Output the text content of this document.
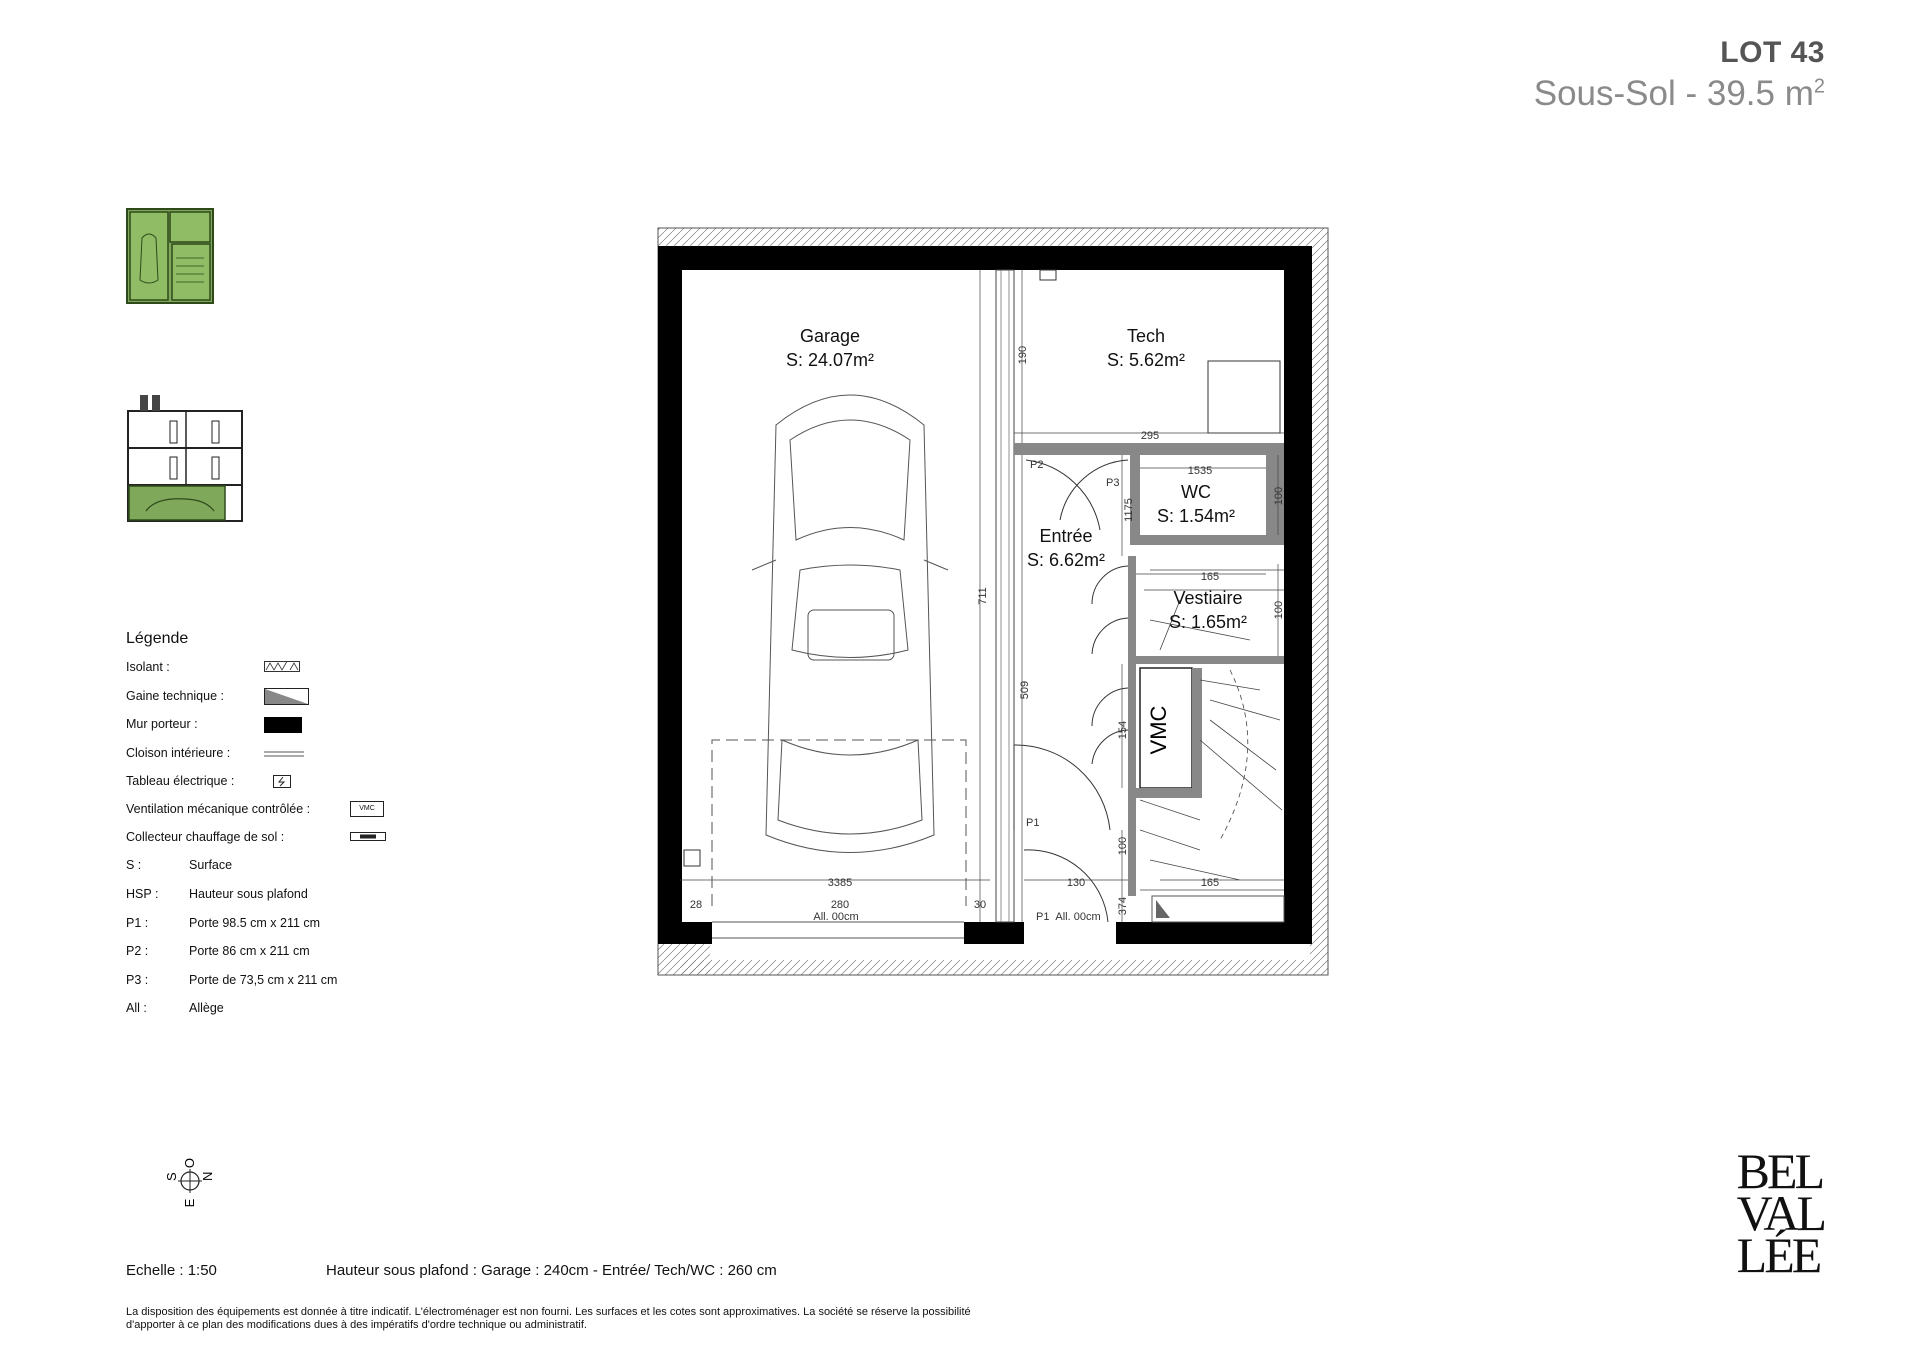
LOT 43
Sous-Sol - 39.5 $m^2$
Légende
Isolant :
Gaine technique :
Mur porteur :
Cloison intérieure :
Tableau électrique :
Ventilation mécanique contrôlée :	VMC
Collecteur chauffage de sol :
S :	Surface
HSP : Hauteur sous plafond
P1 :	Porte 98.5 cm x 211 cm
P2 :	Porte 86 cm x 211 cm
P3 :	Porte de 73,5 cm x 211 cm
All :	Allège
S
O
E
N
VMC
Garage
S: 24.07m²
Tech
S: 5.62m²
WC
S: 1.54m²
Entrée
S: 6.62m²
Vestiaire
S: 1.65m²
P2
P3
P1
P1
295
1535
1175
100
190
711
509
165
100
154
100
165
3385
280
All. 00cm
28	30
130
374
All. 00cm
BEL
VAL
LÉE
Echelle : 1:50	Hauteur sous plafond : Garage : 240cm - Entrée/ Tech/WC : 260 cm
La disposition des équipements est donnée à titre indicatif. L'électroménager est non fourni. Les surfaces et les cotes sont approximatives. La société se réserve la possibilité
d'apporter à ce plan des modifications dues à des impératifs d'ordre technique ou administratif.
